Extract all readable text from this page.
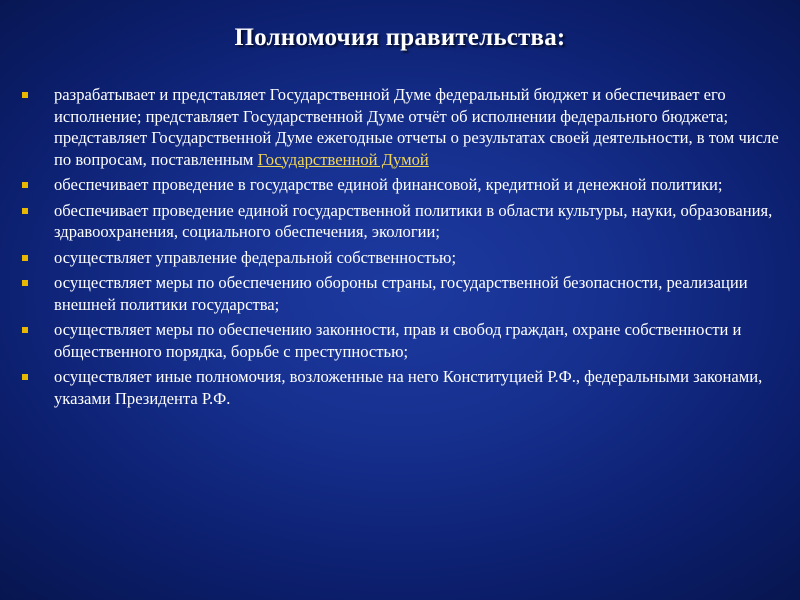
Полномочия правительства:
разрабатывает и представляет Государственной Думе федеральный бюджет и обеспечивает его исполнение; представляет Государственной Думе отчёт об исполнении федерального бюджета; представляет Государственной Думе ежегодные отчеты о результатах своей деятельности, в том числе по вопросам, поставленным Государственной Думой
обеспечивает проведение в государстве единой финансовой, кредитной и денежной политики;
обеспечивает проведение единой государственной политики в области культуры, науки, образования, здравоохранения, социального обеспечения, экологии;
осуществляет управление федеральной собственностью;
осуществляет меры по обеспечению обороны страны, государственной безопасности, реализации внешней политики государства;
осуществляет меры по обеспечению законности, прав и свобод граждан, охране собственности и общественного порядка, борьбе с преступностью;
осуществляет иные полномочия, возложенные на него Конституцией Р.Ф., федеральными законами, указами Президента Р.Ф.
